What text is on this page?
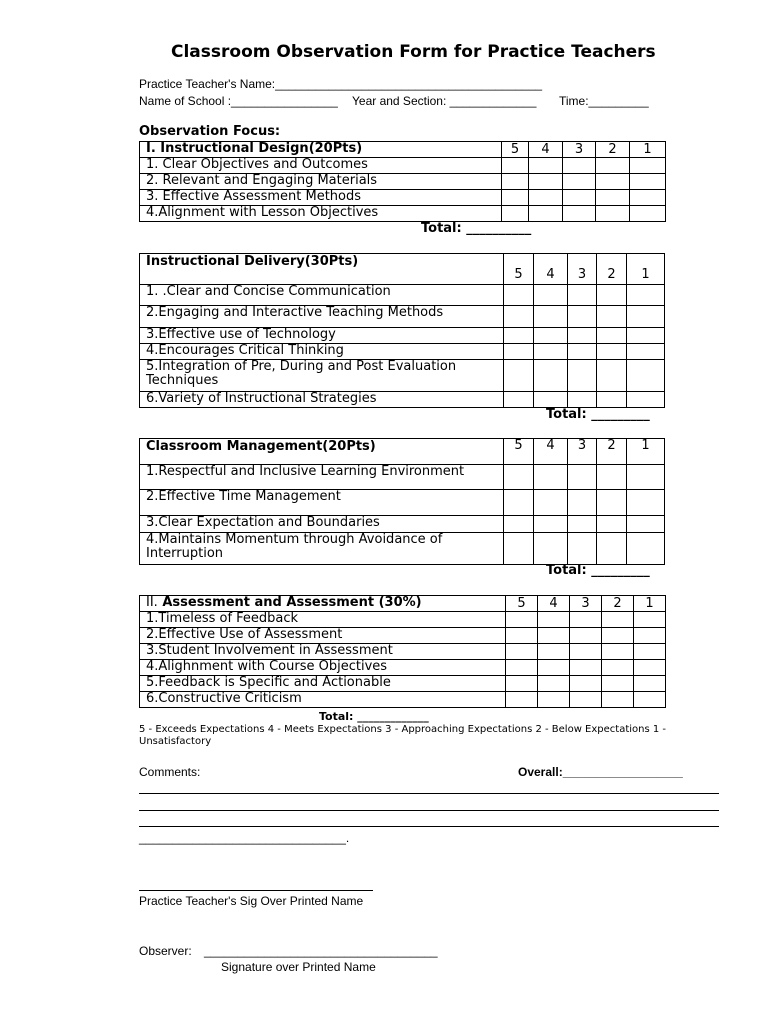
Classroom Observation Form for Practice Teachers
Practice Teacher's Name:________________________________________
Name of School :________________ Year and Section: _____________ Time:_________
Observation Focus:
I. Instructional Design(20Pts)	5	4	3	2	1
1. Clear Objectives and Outcomes					
2. Relevant and Engaging Materials					
3. Effective Assessment Methods					
4.Alignment with Lesson Objectives					
Total: __________
Instructional Delivery(30Pts)	5	4	3	2	1
1. .Clear and Concise Communication					
2.Engaging and Interactive Teaching Methods					
3.Effective use of Technology					
4.Encourages Critical Thinking					
5.Integration of Pre, During and Post Evaluation Techniques					
6.Variety of Instructional Strategies					
Total: _________
Classroom Management(20Pts)	5	4	3	2	1
1.Respectful and Inclusive Learning Environment					
2.Effective Time Management					
3.Clear Expectation and Boundaries					
4.Maintains Momentum through Avoidance of Interruption					
Total: _________
II. Assessment and Assessment (30%)	5	4	3	2	1
1.Timeless of Feedback					
2.Effective Use of Assessment					
3.Student Involvement in Assessment					
4.Alighnment with Course Objectives					
5.Feedback is Specific and Actionable					
6.Constructive Criticism					
Total: _____________
5 - Exceeds Expectations 4 - Meets Expectations 3 - Approaching Expectations 2 - Below Expectations 1 -
Unsatisfactory
Comments:	Overall:__________________
_______________________________.
Practice Teacher's Sig Over Printed Name
Observer: ___________________________________
Signature over Printed Name
